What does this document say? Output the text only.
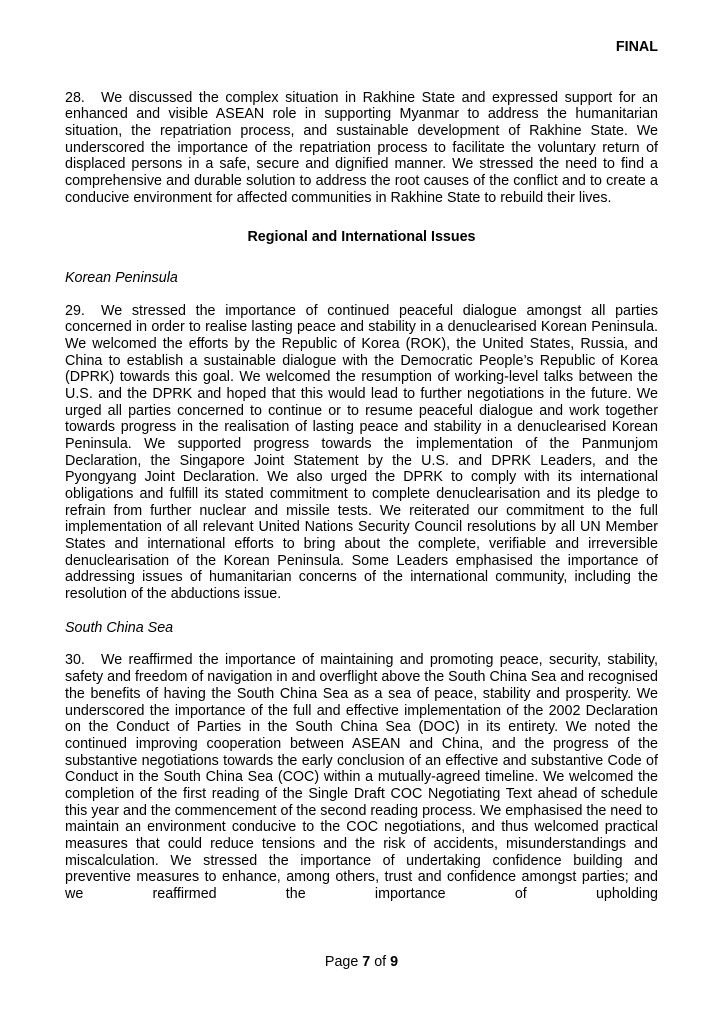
FINAL

28. We discussed the complex situation in Rakhine State and expressed support for an enhanced and visible ASEAN role in supporting Myanmar to address the humanitarian situation, the repatriation process, and sustainable development of Rakhine State. We underscored the importance of the repatriation process to facilitate the voluntary return of displaced persons in a safe, secure and dignified manner. We stressed the need to find a comprehensive and durable solution to address the root causes of the conflict and to create a conducive environment for affected communities in Rakhine State to rebuild their lives.

Regional and International Issues
Korean Peninsula

29. We stressed the importance of continued peaceful dialogue amongst all parties concerned in order to realise lasting peace and stability in a denuclearised Korean Peninsula. We welcomed the efforts by the Republic of Korea (ROK), the United States, Russia, and China to establish a sustainable dialogue with the Democratic People’s Republic of Korea (DPRK) towards this goal. We welcomed the resumption of working-level talks between the U.S. and the DPRK and hoped that this would lead to further negotiations in the future. We urged all parties concerned to continue or to resume peaceful dialogue and work together towards progress in the realisation of lasting peace and stability in a denuclearised Korean Peninsula. We supported progress towards the implementation of the Panmunjom Declaration, the Singapore Joint Statement by the U.S. and DPRK Leaders, and the Pyongyang Joint Declaration. We also urged the DPRK to comply with its international obligations and fulfill its stated commitment to complete denuclearisation and its pledge to refrain from further nuclear and missile tests. We reiterated our commitment to the full implementation of all relevant United Nations Security Council resolutions by all UN Member States and international efforts to bring about the complete, verifiable and irreversible denuclearisation of the Korean Peninsula. Some Leaders emphasised the importance of addressing issues of humanitarian concerns of the international community, including the resolution of the abductions issue.

South China Sea

30. We reaffirmed the importance of maintaining and promoting peace, security, stability, safety and freedom of navigation in and overflight above the South China Sea and recognised the benefits of having the South China Sea as a sea of peace, stability and prosperity. We underscored the importance of the full and effective implementation of the 2002 Declaration on the Conduct of Parties in the South China Sea (DOC) in its entirety. We noted the continued improving cooperation between ASEAN and China, and the progress of the substantive negotiations towards the early conclusion of an effective and substantive Code of Conduct in the South China Sea (COC) within a mutually-agreed timeline. We welcomed the completion of the first reading of the Single Draft COC Negotiating Text ahead of schedule this year and the commencement of the second reading process. We emphasised the need to maintain an environment conducive to the COC negotiations, and thus welcomed practical measures that could reduce tensions and the risk of accidents, misunderstandings and miscalculation. We stressed the importance of undertaking confidence building and preventive measures to enhance, among others, trust and confidence amongst parties; and we reaffirmed the importance of upholding

Page 7 of 9
